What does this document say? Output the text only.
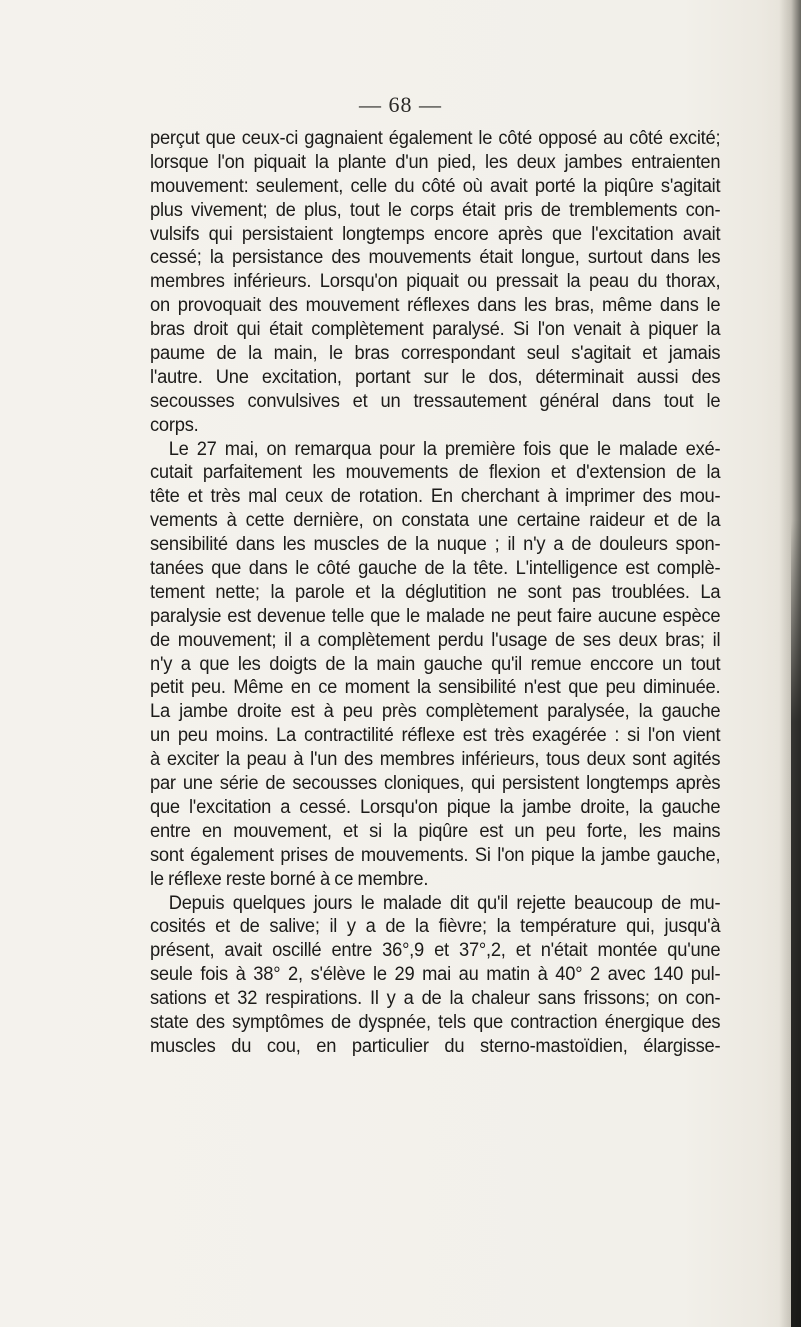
— 68 —
perçut que ceux-ci gagnaient également le côté opposé au côté excité;
lorsque l'on piquait la plante d'un pied, les deux jambes entraienten
mouvement: seulement, celle du côté où avait porté la piqûre s'agitait
plus vivement; de plus, tout le corps était pris de tremblements con-
vulsifs qui persistaient longtemps encore après que l'excitation avait
cessé; la persistance des mouvements était longue, surtout dans les
membres inférieurs. Lorsqu'on piquait ou pressait la peau du thorax,
on provoquait des mouvement réflexes dans les bras, même dans le
bras droit qui était complètement paralysé. Si l'on venait à piquer la
paume de la main, le bras correspondant seul s'agitait et jamais
l'autre. Une excitation, portant sur le dos, déterminait aussi des
secousses convulsives et un tressautement général dans tout le
corps.
Le 27 mai, on remarqua pour la première fois que le malade exé-
cutait parfaitement les mouvements de flexion et d'extension de la
tête et très mal ceux de rotation. En cherchant à imprimer des mou-
vements à cette dernière, on constata une certaine raideur et de la
sensibilité dans les muscles de la nuque ; il n'y a de douleurs spon-
tanées que dans le côté gauche de la tête. L'intelligence est complè-
tement nette; la parole et la déglutition ne sont pas troublées. La
paralysie est devenue telle que le malade ne peut faire aucune espèce
de mouvement; il a complètement perdu l'usage de ses deux bras; il
n'y a que les doigts de la main gauche qu'il remue enccore un tout
petit peu. Même en ce moment la sensibilité n'est que peu diminuée.
La jambe droite est à peu près complètement paralysée, la gauche
un peu moins. La contractilité réflexe est très exagérée : si l'on vient
à exciter la peau à l'un des membres inférieurs, tous deux sont agités
par une série de secousses cloniques, qui persistent longtemps après
que l'excitation a cessé. Lorsqu'on pique la jambe droite, la gauche
entre en mouvement, et si la piqûre est un peu forte, les mains
sont également prises de mouvements. Si l'on pique la jambe gauche,
le réflexe reste borné à ce membre.
Depuis quelques jours le malade dit qu'il rejette beaucoup de mu-
cosités et de salive; il y a de la fièvre; la température qui, jusqu'à
présent, avait oscillé entre 36°,9 et 37°,2, et n'était montée qu'une
seule fois à 38° 2, s'élève le 29 mai au matin à 40° 2 avec 140 pul-
sations et 32 respirations. Il y a de la chaleur sans frissons; on con-
state des symptômes de dyspnée, tels que contraction énergique des
muscles du cou, en particulier du sterno-mastoïdien, élargisse-
